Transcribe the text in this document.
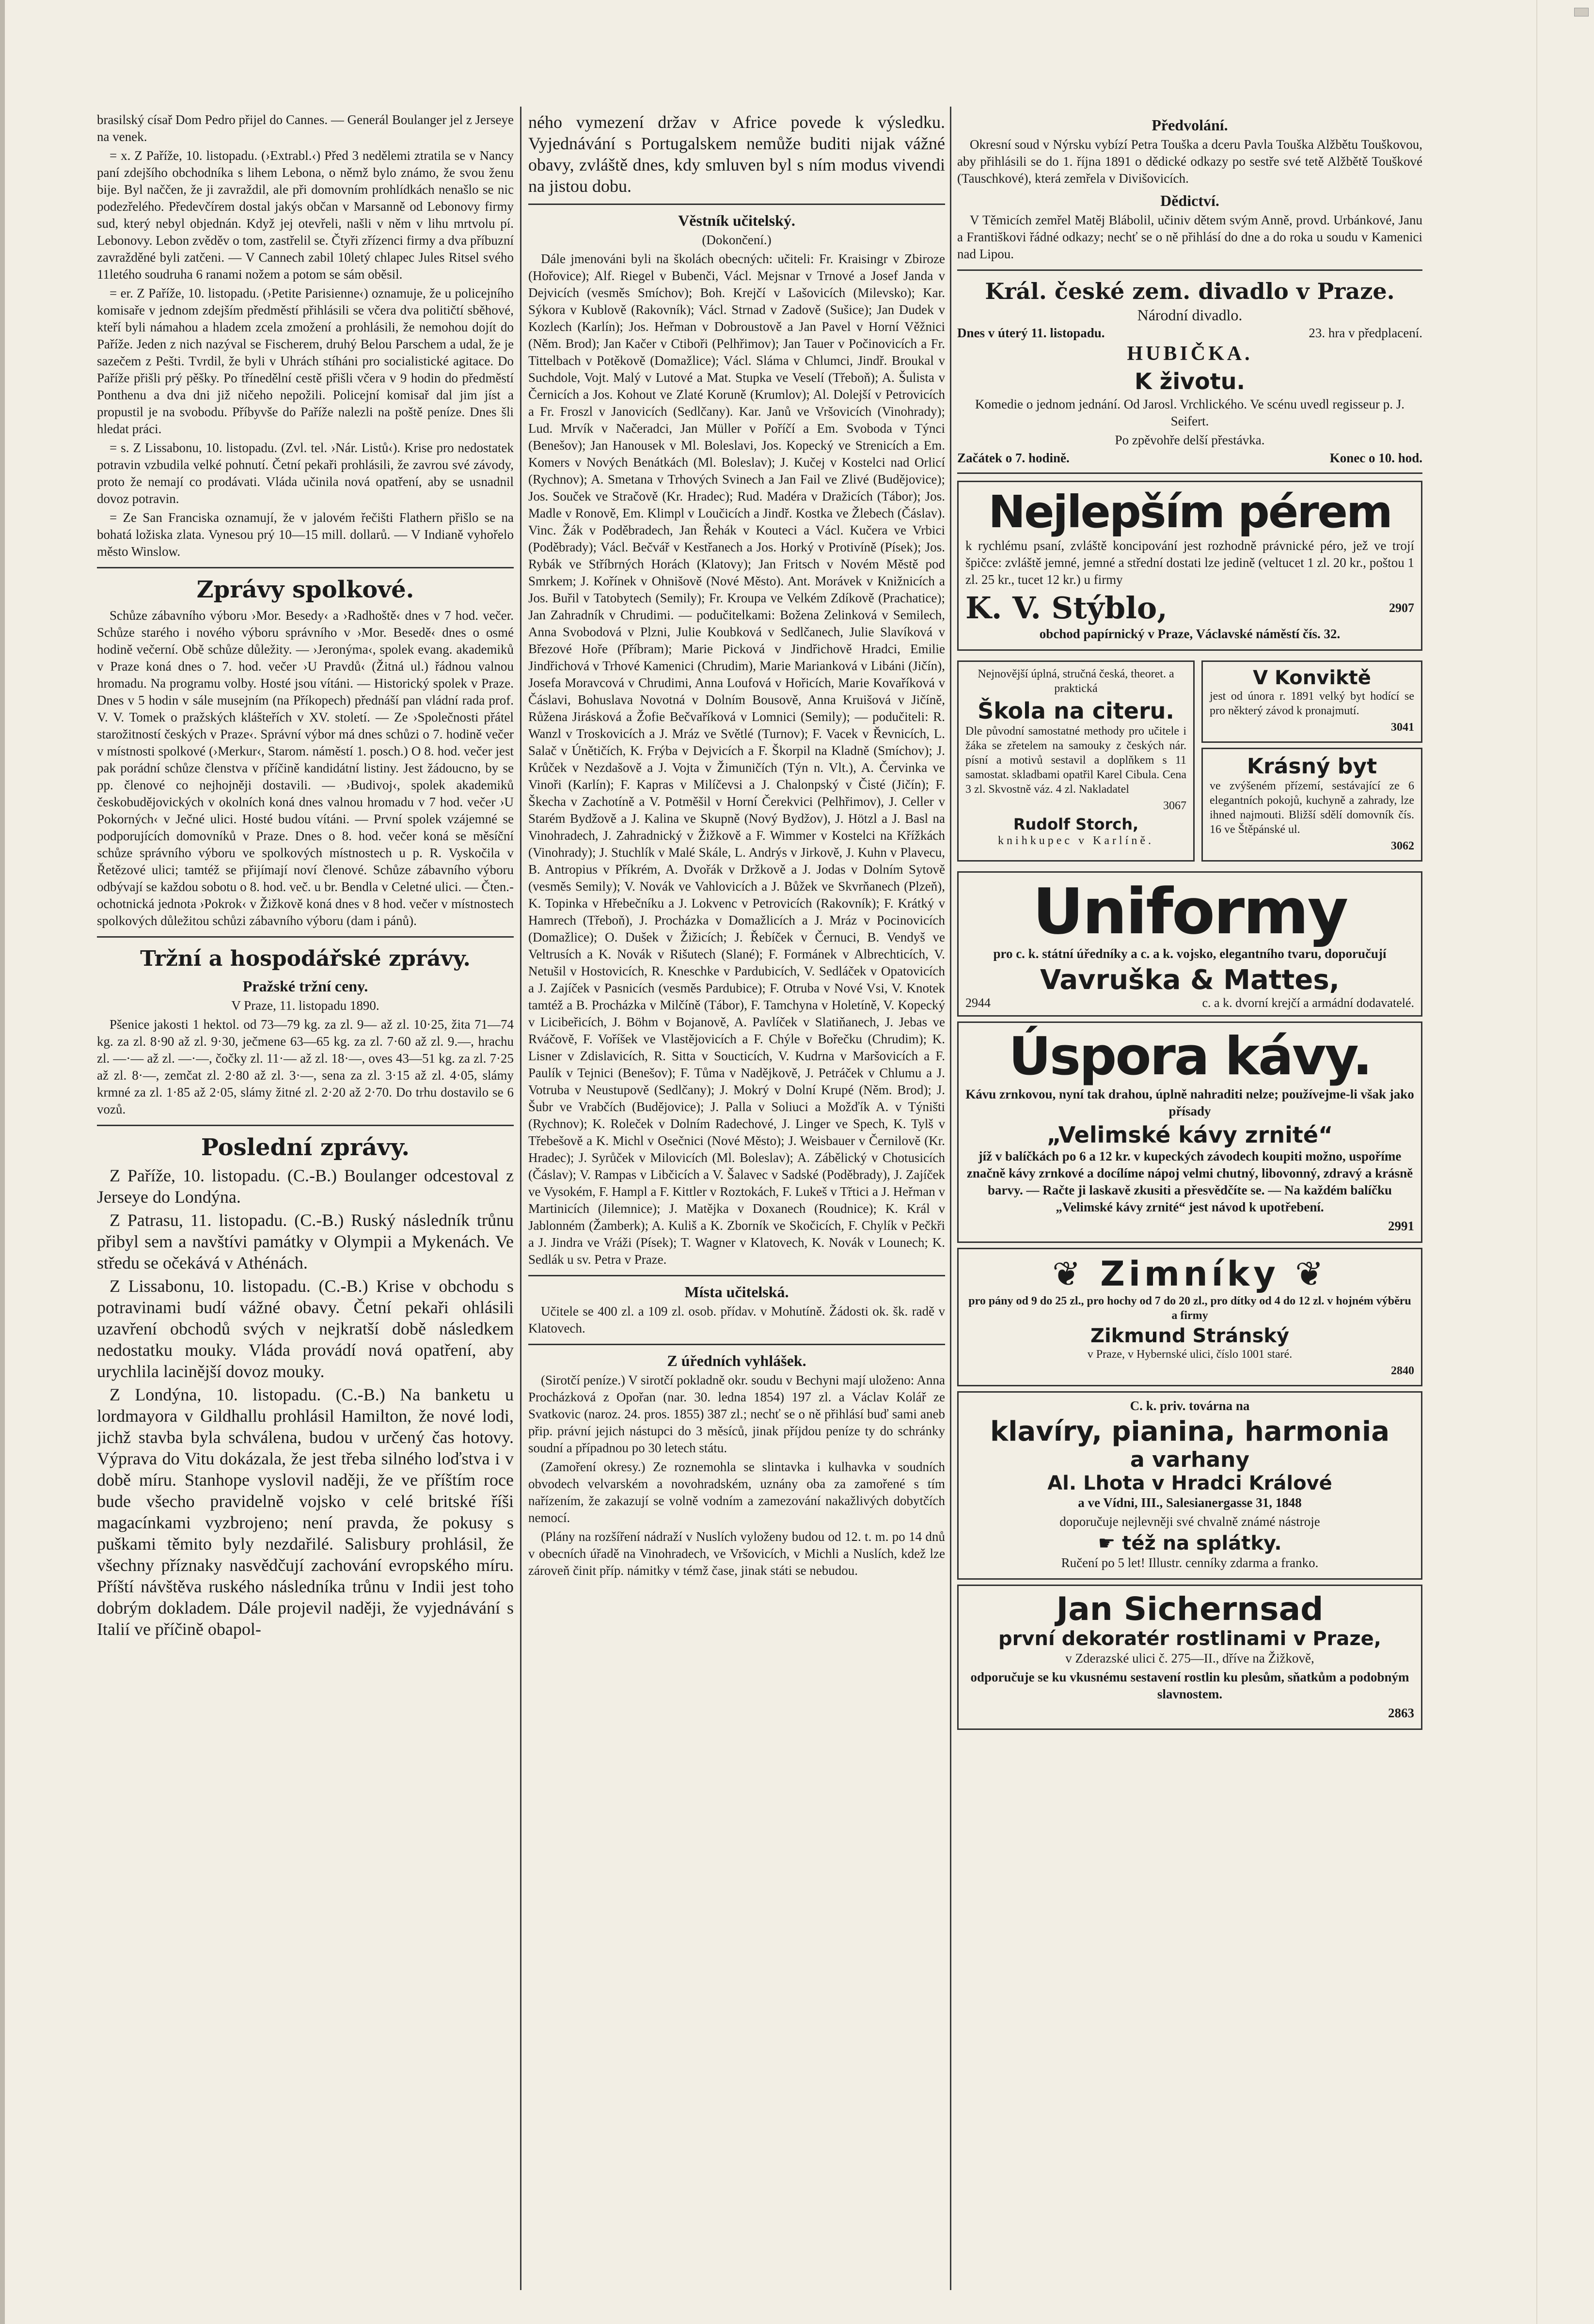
brasilský císař Dom Pedro přijel do Cannes. — Generál Boulanger jel z Jerseye na venek.

= x. Z Paříže, 10. listopadu. (›Extrabl.‹) Před 3 nedělemi ztratila se v Nancy paní zdejšího obchodníka s lihem Lebona, o němž bylo známo, že svou ženu bije. Byl naččen, že ji zavraždil, ale při domovním prohlídkách nenašlo se nic podezřelého. Předevčírem dostal jakýs občan v Marsanně od Lebonovy firmy sud, který nebyl objednán. Když jej otevřeli, našli v něm v lihu mrtvolu pí. Lebonovy. Lebon zvěděv o tom, zastřelil se. Čtyři zřízenci firmy a dva příbuzní zavražděné byli zatčeni. — V Cannech zabil 10letý chlapec Jules Ritsel svého 11letého soudruha 6 ranami nožem a potom se sám oběsil.

= er. Z Paříže, 10. listopadu. (›Petite Parisienne‹) oznamuje, že u policejního komisaře v jednom zdejším předměstí přihlásili se včera dva političtí sběhové, kteří byli námahou a hladem zcela zmožení a prohlásili, že nemohou dojít do Paříže. Jeden z nich nazýval se Fischerem, druhý Belou Parschem a udal, že je sazečem z Pešti. Tvrdil, že byli v Uhrách stíháni pro socialistické agitace. Do Paříže přišli prý pěšky. Po třínedělní cestě přišli včera v 9 hodin do předměstí Ponthenu a dva dni již ničeho nepožili. Policejní komisař dal jim jíst a propustil je na svobodu. Příbyvše do Paříže nalezli na poště peníze. Dnes šli hledat práci.

= s. Z Lissabonu, 10. listopadu. (Zvl. tel. ›Nár. Listů‹). Krise pro nedostatek potravin vzbudila velké pohnutí. Četní pekaři prohlásili, že zavrou své závody, proto že nemají co prodávati. Vláda učinila nová opatření, aby se usnadnil dovoz potravin.

= Ze San Franciska oznamují, že v jalovém řečišti Flathern přišlo se na bohatá ložiska zlata. Vynesou prý 10—15 mill. dollarů. — V Indianě vyhořelo město Winslow.

Zprávy spolkové.

Schůze zábavního výboru ›Mor. Besedy‹ a ›Radhoště‹ dnes v 7 hod. večer. Schůze starého i nového výboru správního v ›Mor. Besedě‹ dnes o osmé hodině večerní. Obě schůze důležity. — ›Jeronýma‹, spolek evang. akademiků v Praze koná dnes o 7. hod. večer ›U Pravdů‹ (Žitná ul.) řádnou valnou hromadu. Na programu volby. Hosté jsou vítáni. — Historický spolek v Praze. Dnes v 5 hodin v sále musejním (na Příkopech) přednáší pan vládní rada prof. V. V. Tomek o pražských klášteřích v XV. století. — Ze ›Společnosti přátel starožitností českých v Praze‹. Správní výbor má dnes schůzi o 7. hodině večer v místnosti spolkové (›Merkur‹, Starom. náměstí 1. posch.) O 8. hod. večer jest pak porádní schůze členstva v příčině kandidátní listiny. Jest žádoucno, by se pp. členové co nejhojněji dostavili. — ›Budivoj‹, spolek akademiků českobudějovických v okolních koná dnes valnou hromadu v 7 hod. večer ›U Pokorných‹ v Ječné ulici. Hosté budou vítáni. — První spolek vzájemné se podporujících domovníků v Praze. Dnes o 8. hod. večer koná se měsíční schůze správního výboru ve spolkových místnostech u p. R. Vyskočila v Řetězové ulici; tamtéž se přijímají noví členové. Schůze zábavního výboru odbývají se každou sobotu o 8. hod. več. u br. Bendla v Celetné ulici. — Čten.-ochotnická jednota ›Pokrok‹ v Žižkově koná dnes v 8 hod. večer v místnostech spolkových důležitou schůzi zábavního výboru (dam i pánů).

Tržní a hospodářské zprávy.
Pražské tržní ceny.

V Praze, 11. listopadu 1890.

Pšenice jakosti 1 hektol. od 73—79 kg. za zl. 9— až zl. 10·25, žita 71—74 kg. za zl. 8·90 až zl. 9·30, ječmene 63—65 kg. za zl. 7·60 až zl. 9.—, hrachu zl. —·— až zl. —·—, čočky zl. 11·— až zl. 18·—, oves 43—51 kg. za zl. 7·25 až zl. 8·—, zemčat zl. 2·80 až zl. 3·—, sena za zl. 3·15 až zl. 4·05, slámy krmné za zl. 1·85 až 2·05, slámy žitné zl. 2·20 až 2·70. Do trhu dostavilo se 6 vozů.

Poslední zprávy.

Z Paříže, 10. listopadu. (C.-B.) Boulanger odcestoval z Jerseye do Londýna.

Z Patrasu, 11. listopadu. (C.-B.) Ruský následník trůnu přibyl sem a navštívi památky v Olympii a Mykenách. Ve středu se očekává v Athénách.

Z Lissabonu, 10. listopadu. (C.-B.) Krise v obchodu s potravinami budí vážné obavy. Četní pekaři ohlásili uzavření obchodů svých v nejkratší době následkem nedostatku mouky. Vláda provádí nová opatření, aby urychlila lacinější dovoz mouky.

Z Londýna, 10. listopadu. (C.-B.) Na banketu u lordmayora v Gildhallu prohlásil Hamilton, že nové lodi, jichž stavba byla schválena, budou v určený čas hotovy. Výprava do Vitu dokázala, že jest třeba silného loďstva i v době míru. Stanhope vyslovil naději, že ve příštím roce bude všecho pravidelně vojsko v celé britské říši magacínkami vyzbrojeno; není pravda, že pokusy s puškami těmito byly nezdařilé. Salisbury prohlásil, že všechny příznaky nasvědčují zachování evropského míru. Příští návštěva ruského následníka trůnu v Indii jest toho dobrým dokladem. Dále projevil naději, že vyjednávání s Italií ve příčině obapol-

ného vymezení držav v Africe povede k výsledku. Vyjednávání s Portugalskem nemůže buditi nijak vážné obavy, zvláště dnes, kdy smluven byl s ním modus vivendi na jistou dobu.

Věstník učitelský.

(Dokončení.)

Dále jmenováni byli na školách obecných: učiteli: Fr. Kraisingr v Zbiroze (Hořovice); Alf. Riegel v Bubenči, Václ. Mejsnar v Trnové a Josef Janda v Dejvicích (vesměs Smíchov); Boh. Krejčí v Lašovicích (Milevsko); Kar. Sýkora v Kublově (Rakovník); Václ. Strnad v Zadově (Sušice); Jan Dudek v Kozlech (Karlín); Jos. Heřman v Dobroustově a Jan Pavel v Horní Věžnici (Něm. Brod); Jan Kačer v Ctiboři (Pelhřimov); Jan Tauer v Počinovicích a Fr. Tittelbach v Potěkově (Domažlice); Václ. Sláma v Chlumci, Jindř. Broukal v Suchdole, Vojt. Malý v Lutové a Mat. Stupka ve Veselí (Třeboň); A. Šulista v Černicích a Jos. Kohout ve Zlaté Koruně (Krumlov); Al. Dolejší v Petrovicích a Fr. Froszl v Janovicích (Sedlčany). Kar. Janů ve Vršovicích (Vinohrady); Lud. Mrvík v Načeradci, Jan Müller v Poříčí a Em. Svoboda v Týnci (Benešov); Jan Hanousek v Ml. Boleslavi, Jos. Kopecký ve Strenicích a Em. Komers v Nových Benátkách (Ml. Boleslav); J. Kučej v Kostelci nad Orlicí (Rychnov); A. Smetana v Trhových Svinech a Jan Fail ve Zlivé (Budějovice); Jos. Souček ve Stračově (Kr. Hradec); Rud. Madéra v Dražicích (Tábor); Jos. Madle v Ronově, Em. Klimpl v Loučicích a Jindř. Kostka ve Žlebech (Čáslav). Vinc. Žák v Poděbradech, Jan Řehák v Kouteci a Václ. Kučera ve Vrbici (Poděbrady); Václ. Bečvář v Kestřanech a Jos. Horký v Protivíně (Písek); Jos. Rybák ve Stříbrných Horách (Klatovy); Jan Fritsch v Novém Městě pod Smrkem; J. Kořínek v Ohnišově (Nové Město). Ant. Morávek v Knižnicích a Jos. Buřil v Tatobytech (Semily); Fr. Kroupa ve Velkém Zdíkově (Prachatice); Jan Zahradník v Chrudimi. — podučitelkami: Božena Zelinková v Semilech, Anna Svobodová v Plzni, Julie Koubková v Sedlčanech, Julie Slavíková v Březové Hoře (Příbram); Marie Picková v Jindřichově Hradci, Emilie Jindřichová v Trhové Kamenici (Chrudim), Marie Marianková v Libáni (Jičín), Josefa Moravcová v Chrudimi, Anna Loufová v Hořicích, Marie Kovaříková v Čáslavi, Bohuslava Novotná v Dolním Bousově, Anna Kruišová v Jičíně, Růžena Jirásková a Žofie Bečvaříková v Lomnici (Semily); — podučiteli: R. Wanzl v Troskovicích a J. Mráz ve Světlé (Turnov); F. Vacek v Řevnicích, L. Salač v Únětičích, K. Frýba v Dejvicích a F. Škorpil na Kladně (Smíchov); J. Krůček v Nezdašově a J. Vojta v Žimuničích (Týn n. Vlt.), A. Červinka ve Vinoři (Karlín); F. Kapras v Milíčevsi a J. Chalonpský v Čisté (Jičín); F. Škecha v Zachotíně a V. Potměšil v Horní Čerekvici (Pelhřimov), J. Celler v Starém Bydžově a J. Kalina ve Skupně (Nový Bydžov), J. Hötzl a J. Basl na Vinohradech, J. Zahradnický v Žižkově a F. Wimmer v Kostelci na Křížkách (Vinohrady); J. Stuchlík v Malé Skále, L. Andrýs v Jirkově, J. Kuhn v Plavecu, B. Antropius v Příkrém, A. Dvořák v Držkově a J. Jodas v Dolním Sytově (vesměs Semily); V. Novák ve Vahlovicích a J. Bůžek ve Skvrňanech (Plzeň), K. Topinka v Hřebečníku a J. Lokvenc v Petrovicích (Rakovník); F. Krátký v Hamrech (Třeboň), J. Procházka v Domažlicích a J. Mráz v Pocinovicích (Domažlice); O. Dušek v Žižicích; J. Řebíček v Černuci, B. Vendyš ve Veltrusích a K. Novák v Rišutech (Slané); F. Formánek v Albrechticích, V. Netušil v Hostovicích, R. Kneschke v Pardubicích, V. Sedláček v Opatovicích a J. Zajíček v Pasnicích (vesměs Pardubice); F. Otruba v Nové Vsi, V. Knotek tamtéž a B. Procházka v Milčíně (Tábor), F. Tamchyna v Holetíně, V. Kopecký v Licibeřicích, J. Böhm v Bojanově, A. Pavlíček v Slatiňanech, J. Jebas ve Rváčově, F. Voříšek ve Vlastějovicích a F. Chýle v Bořečku (Chrudim); K. Lisner v Zdislavicích, R. Sitta v Soucticích, V. Kudrna v Maršovicích a F. Paulík v Tejnici (Benešov); F. Tůma v Nadějkově, J. Petráček v Chlumu a J. Votruba v Neustupově (Sedlčany); J. Mokrý v Dolní Krupé (Něm. Brod); J. Šubr ve Vrabčích (Budějovice); J. Palla v Soliuci a Možďík A. v Týništi (Rychnov); K. Roleček v Dolním Radechové, J. Linger ve Spech, K. Tylš v Třebešově a K. Michl v Osečnici (Nové Město); J. Weisbauer v Černilově (Kr. Hradec); J. Syrůček v Milovicích (Ml. Boleslav); A. Zábělický v Chotusicích (Čáslav); V. Rampas v Libčicích a V. Šalavec v Sadské (Poděbrady), J. Zajíček ve Vysokém, F. Hampl a F. Kittler v Roztokách, F. Lukeš v Třtici a J. Heřman v Martinicích (Jilemnice); J. Matějka v Doxanech (Roudnice); K. Král v Jablonném (Žamberk); A. Kuliš a K. Zborník ve Skočicích, F. Chylík v Pečkři a J. Jindra ve Vráži (Písek); T. Wagner v Klatovech, K. Novák v Lounech; K. Sedlák u sv. Petra v Praze.

Místa učitelská.

Učitele se 400 zl. a 109 zl. osob. přídav. v Mohutíně. Žádosti ok. šk. radě v Klatovech.

Z úředních vyhlášek.

(Sirotčí peníze.) V sirotčí pokladně okr. soudu v Bechyni mají uloženo: Anna Procházková z Opořan (nar. 30. ledna 1854) 197 zl. a Václav Kolář ze Svatkovic (naroz. 24. pros. 1855) 387 zl.; nechť se o ně přihlásí buď sami aneb přip. právní jejich nástupci do 3 měsíců, jinak příjdou peníze ty do schránky soudní a případnou po 30 letech státu.

(Zamoření okresy.) Ze roznemohla se slintavka i kulhavka v soudních obvodech velvarském a novohradském, uznány oba za zamořené s tím nařízením, že zakazují se volně vodním a zamezování nakažlivých dobytčích nemocí.

(Plány na rozšíření nádraží v Nuslích vyloženy budou od 12. t. m. po 14 dnů v obecních úřadě na Vinohradech, ve Vršovicích, v Michli a Nuslích, kdež lze zároveň činit příp. námitky v témž čase, jinak státi se nebudou.

Předvolání.

Okresní soud v Nýrsku vybízí Petra Touška a dceru Pavla Touška Alžbětu Touškovou, aby přihlásili se do 1. října 1891 o dědické odkazy po sestře své tetě Alžbětě Touškové (Tauschkové), která zemřela v Divišovicích.

Dědictví.

V Těmicích zemřel Matěj Blábolil, učiniv dětem svým Anně, provd. Urbánkové, Janu a Františkovi řádné odkazy; nechť se o ně přihlásí do dne a do roka u soudu v Kamenici nad Lipou.

Král. české zem. divadlo v Praze.

Národní divadlo.

Dnes v úterý 11. listopadu.	23. hra v předplacení.

HUBIČKA.

K životu.

Komedie o jednom jednání. Od Jarosl. Vrchlického. Ve scénu uvedl regisseur p. J. Seifert.

Po zpěvohře delší přestávka.

Začátek o 7. hodině.	Konec o 10. hod.
Nejlepším pérem

k rychlému psaní, zvláště koncipování jest rozhodně právnické péro, jež ve trojí špičce: zvláště jemné, jemné a střední dostati lze jedině (veltucet 1 zl. 20 kr., poštou 1 zl. 25 kr., tucet 12 kr.) u firmy

K. V. Stýblo,	2907

obchod papírnický v Praze, Václavské náměstí čís. 32.

Nejnovější úplná, stručná česká, theoret. a praktická

Škola na citeru.

Dle původní samostatné methody pro učitele i žáka se zřetelem na samouky z českých nár. písní a motivů sestavil a doplňkem s 11 samostat. skladbami opatřil Karel Cibula. Cena 3 zl. Skvostně váz. 4 zl. Nakladatel

3067

Rudolf Storch,

knihkupec v Karlíně.

V Konviktě

jest od února r. 1891 velký byt hodící se pro některý závod k pronajmutí.

3041

Krásný byt

ve zvýšeném přízemí, sestávající ze 6 elegantních pokojů, kuchyně a zahrady, lze ihned najmouti. Bližší sdělí domovník čís. 16 ve Štěpánské ul.

3062

Uniformy

pro c. k. státní úředníky a c. a k. vojsko, elegantního tvaru, doporučují

Vavruška & Mattes,
2944	c. a k. dvorní krejčí a armádní dodavatelé.
Úspora kávy.

Kávu zrnkovou, nyní tak drahou, úplně nahraditi nelze; používejme-li však jako přísady

„Velimské kávy zrnité“

jíž v balíčkách po 6 a 12 kr. v kupeckých závodech koupiti možno, uspoříme značně kávy zrnkové a docílíme nápoj velmi chutný, libovonný, zdravý a krásně barvy. — Račte ji laskavě zkusiti a přesvědčíte se. — Na každém balíčku „Velimské kávy zrnité“ jest návod k upotřebení.

2991

❦ Zimníky ❦

pro pány od 9 do 25 zl., pro hochy od 7 do 20 zl., pro dítky od 4 do 12 zl. v hojném výběru a firmy

Zikmund Stránský

v Praze, v Hybernské ulici, číslo 1001 staré.

2840

C. k. priv. továrna na

klavíry, pianina, harmonia
a varhany
Al. Lhota v Hradci Králové

a ve Vídni, III., Salesianergasse 31, 1848

doporučuje nejlevněji své chvalně známé nástroje

☛ též na splátky.

Ručení po 5 let! Illustr. cenníky zdarma a franko.

Jan Sichernsad
první dekoratér rostlinami v Praze,

v Zderazské ulici č. 275—II., dříve na Žižkově,

odporučuje se ku vkusnému sestavení rostlin ku plesům, sňatkům a podobným slavnostem.

2863
